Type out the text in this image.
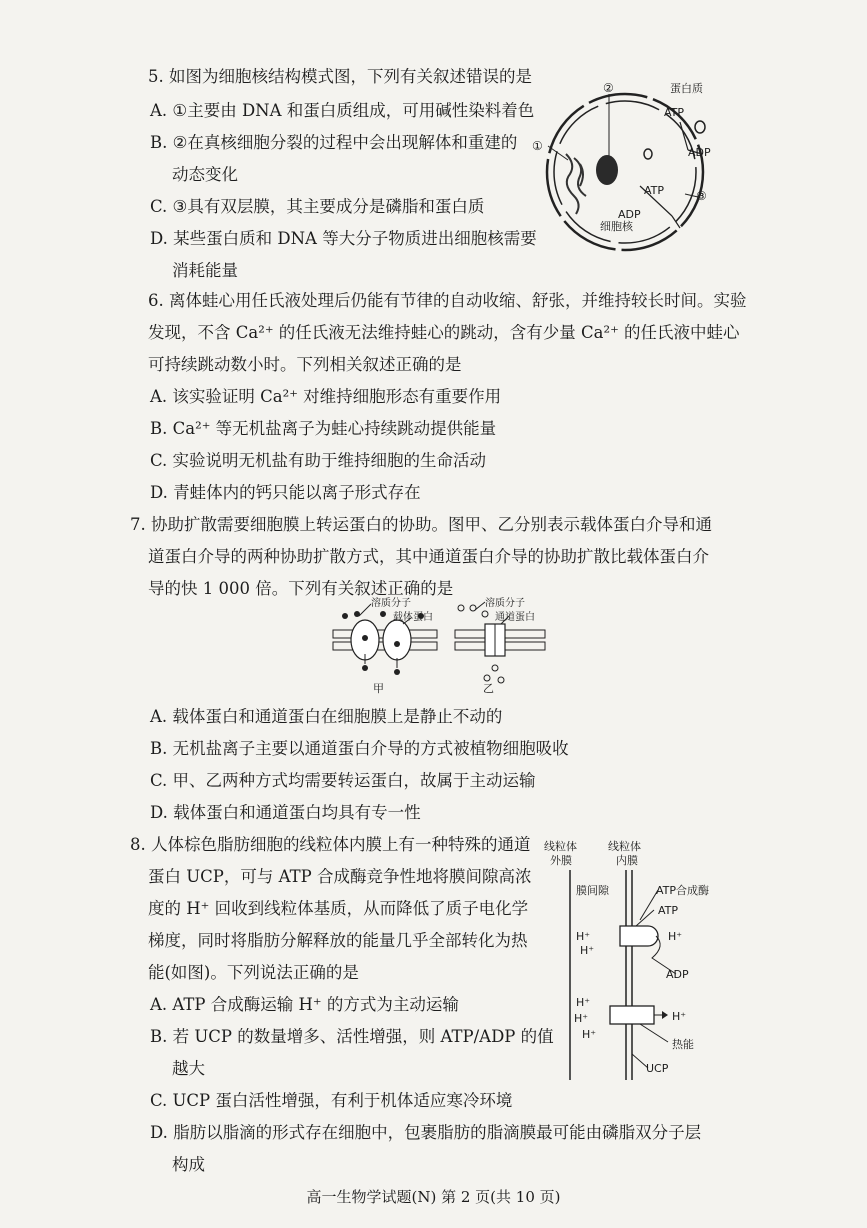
5. 如图为细胞核结构模式图，下列有关叙述错误的是
A. ①主要由 DNA 和蛋白质组成，可用碱性染料着色
B. ②在真核细胞分裂的过程中会出现解体和重建的
动态变化
C. ③具有双层膜，其主要成分是磷脂和蛋白质
D. 某些蛋白质和 DNA 等大分子物质进出细胞核需要
消耗能量
②
①
蛋白质
ATP
ADP
ATP
ADP
③
细胞核
6. 离体蛙心用任氏液处理后仍能有节律的自动收缩、舒张，并维持较长时间。实验
发现，不含 Ca²⁺ 的任氏液无法维持蛙心的跳动，含有少量 Ca²⁺ 的任氏液中蛙心
可持续跳动数小时。下列相关叙述正确的是
A. 该实验证明 Ca²⁺ 对维持细胞形态有重要作用
B. Ca²⁺ 等无机盐离子为蛙心持续跳动提供能量
C. 实验说明无机盐有助于维持细胞的生命活动
D. 青蛙体内的钙只能以离子形式存在
7. 协助扩散需要细胞膜上转运蛋白的协助。图甲、乙分别表示载体蛋白介导和通
道蛋白介导的两种协助扩散方式，其中通道蛋白介导的协助扩散比载体蛋白介
导的快 1 000 倍。下列有关叙述正确的是
溶质分子
载体蛋白
甲
溶质分子
通道蛋白
乙
A. 载体蛋白和通道蛋白在细胞膜上是静止不动的
B. 无机盐离子主要以通道蛋白介导的方式被植物细胞吸收
C. 甲、乙两种方式均需要转运蛋白，故属于主动运输
D. 载体蛋白和通道蛋白均具有专一性
8. 人体棕色脂肪细胞的线粒体内膜上有一种特殊的通道
蛋白 UCP，可与 ATP 合成酶竞争性地将膜间隙高浓
度的 H⁺ 回收到线粒体基质，从而降低了质子电化学
梯度，同时将脂肪分解释放的能量几乎全部转化为热
能(如图)。下列说法正确的是
A. ATP 合成酶运输 H⁺ 的方式为主动运输
B. 若 UCP 的数量增多、活性增强，则 ATP/ADP 的值
越大
C. UCP 蛋白活性增强，有利于机体适应寒冷环境
D. 脂肪以脂滴的形式存在细胞中，包裹脂肪的脂滴膜最可能由磷脂双分子层
构成
线粒体
外膜
线粒体
内膜
膜间隙	ATP合成酶
ATP
H⁺
H⁺
H⁺
ADP
H⁺
H⁺
H⁺
H⁺
热能
UCP
高一生物学试题(N) 第 2 页(共 10 页)
